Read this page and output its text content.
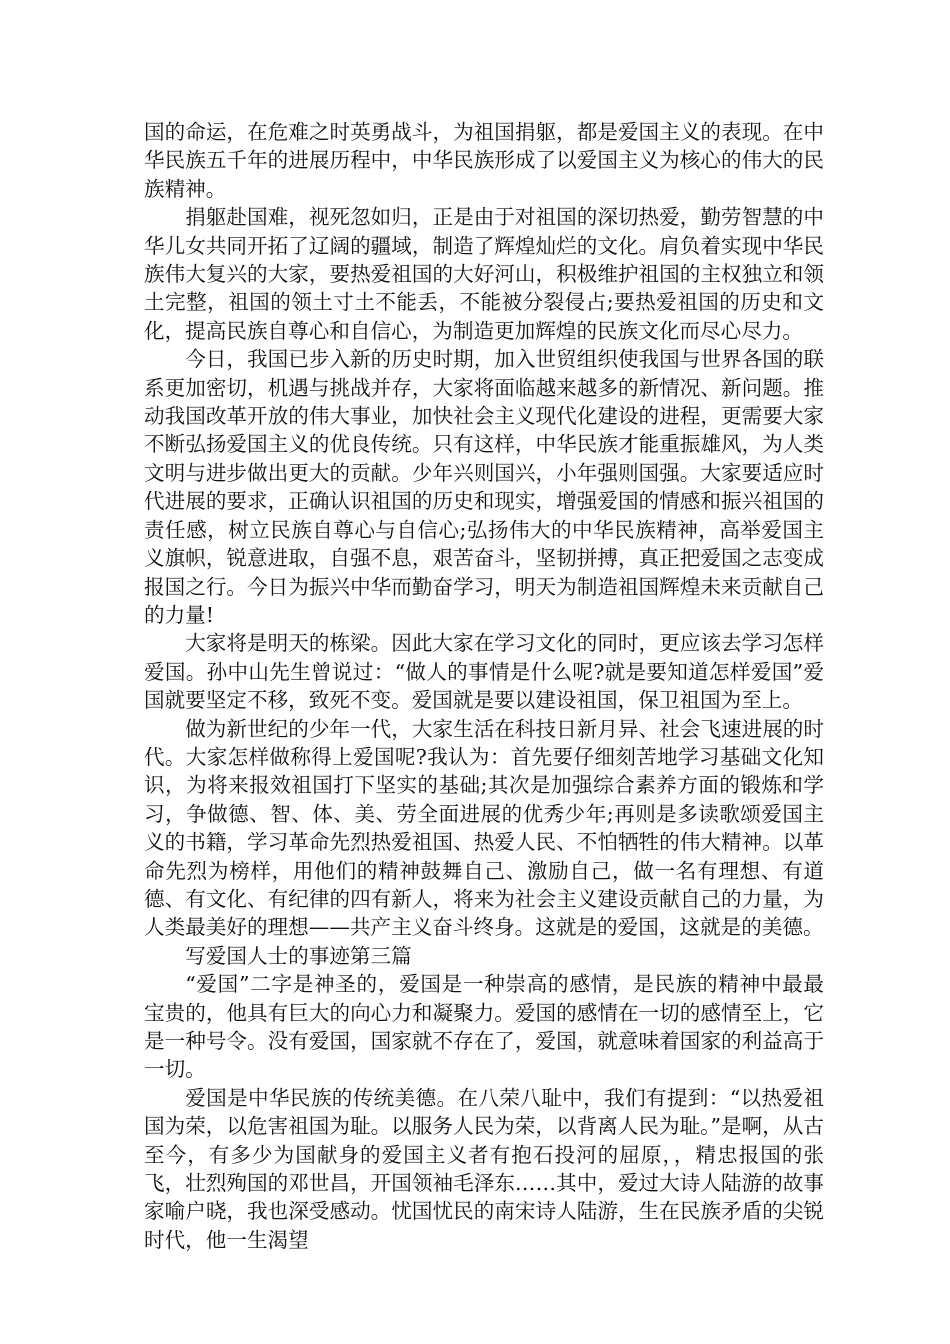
国的命运，在危难之时英勇战斗，为祖国捐躯，都是爱国主义的表现。在中华民族五千年的进展历程中，中华民族形成了以爱国主义为核心的伟大的民族精神。

捐躯赴国难，视死忽如归，正是由于对祖国的深切热爱，勤劳智慧的中华儿女共同开拓了辽阔的疆域，制造了辉煌灿烂的文化。肩负着实现中华民族伟大复兴的大家，要热爱祖国的大好河山，积极维护祖国的主权独立和领土完整，祖国的领土寸土不能丢，不能被分裂侵占;要热爱祖国的历史和文化，提高民族自尊心和自信心，为制造更加辉煌的民族文化而尽心尽力。

今日，我国已步入新的历史时期，加入世贸组织使我国与世界各国的联系更加密切，机遇与挑战并存，大家将面临越来越多的新情况、新问题。推动我国改革开放的伟大事业，加快社会主义现代化建设的进程，更需要大家不断弘扬爱国主义的优良传统。只有这样，中华民族才能重振雄风，为人类文明与进步做出更大的贡献。少年兴则国兴，小年强则国强。大家要适应时代进展的要求，正确认识祖国的历史和现实，增强爱国的情感和振兴祖国的责任感，树立民族自尊心与自信心;弘扬伟大的中华民族精神，高举爱国主义旗帜，锐意进取，自强不息，艰苦奋斗，坚韧拼搏，真正把爱国之志变成报国之行。今日为振兴中华而勤奋学习，明天为制造祖国辉煌未来贡献自己的力量!

大家将是明天的栋梁。因此大家在学习文化的同时，更应该去学习怎样爱国。孙中山先生曾说过：“做人的事情是什么呢?就是要知道怎样爱国”爱国就要坚定不移，致死不变。爱国就是要以建设祖国，保卫祖国为至上。

做为新世纪的少年一代，大家生活在科技日新月异、社会飞速进展的时代。大家怎样做称得上爱国呢?我认为：首先要仔细刻苦地学习基础文化知识，为将来报效祖国打下坚实的基础;其次是加强综合素养方面的锻炼和学习，争做德、智、体、美、劳全面进展的优秀少年;再则是多读歌颂爱国主义的书籍，学习革命先烈热爱祖国、热爱人民、不怕牺牲的伟大精神。以革命先烈为榜样，用他们的精神鼓舞自己、激励自己，做一名有理想、有道德、有文化、有纪律的四有新人，将来为社会主义建设贡献自己的力量，为人类最美好的理想——共产主义奋斗终身。这就是的爱国，这就是的美德。

写爱国人士的事迹第三篇

“爱国”二字是神圣的，爱国是一种崇高的感情，是民族的精神中最最宝贵的，他具有巨大的向心力和凝聚力。爱国的感情在一切的感情至上，它是一种号令。没有爱国，国家就不存在了，爱国，就意味着国家的利益高于一切。

爱国是中华民族的传统美德。在八荣八耻中，我们有提到：“以热爱祖国为荣，以危害祖国为耻。以服务人民为荣，以背离人民为耻。”是啊，从古至今，有多少为国献身的爱国主义者有抱石投河的屈原，，精忠报国的张飞，壮烈殉国的邓世昌，开国领袖毛泽东……其中，爱过大诗人陆游的故事家喻户晓，我也深受感动。忧国忧民的南宋诗人陆游，生在民族矛盾的尖锐时代，他一生渴望
